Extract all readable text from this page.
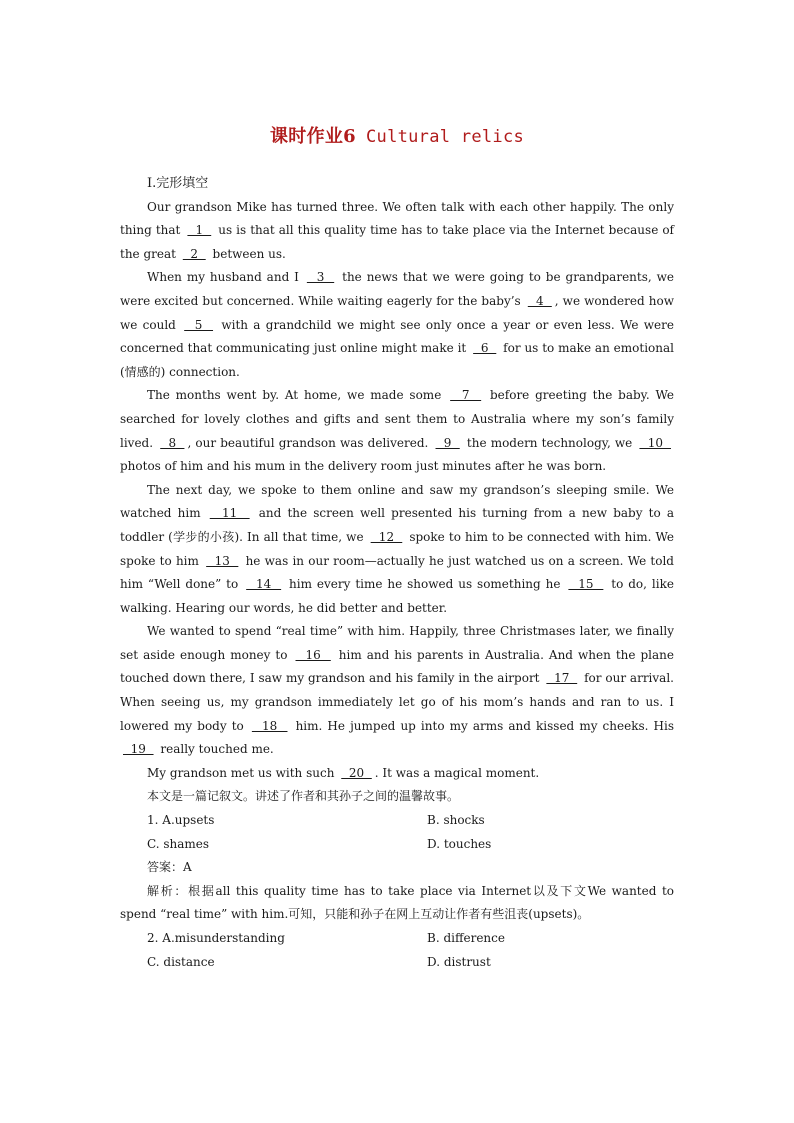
课时作业6 Cultural relics

Ⅰ.完形填空

Our grandson Mike has turned three. We often talk with each other happily. The only thing that   1   us is that all this quality time has to take place via the Internet because of the great   2   between us.

When my husband and I   3   the news that we were going to be grandparents, we were excited but concerned. While waiting eagerly for the baby’s   4  , we wondered how we could   5   with a grandchild we might see only once a year or even less. We were concerned that communicating just online might make it   6   for us to make an emotional (情感的) connection.

The months went by. At home, we made some   7   before greeting the baby. We searched for lovely clothes and gifts and sent them to Australia where my son’s family lived.   8  , our beautiful grandson was delivered.   9   the modern technology, we   10   photos of him and his mum in the delivery room just minutes after he was born.

The next day, we spoke to them online and saw my grandson’s sleeping smile. We watched him   11   and the screen well presented his turning from a new baby to a toddler (学步的小孩). In all that time, we   12   spoke to him to be connected with him. We spoke to him   13   he was in our room—actually he just watched us on a screen. We told him “Well done” to   14   him every time he showed us something he   15   to do, like walking. Hearing our words, he did better and better.

We wanted to spend “real time” with him. Happily, three Christmases later, we finally set aside enough money to   16   him and his parents in Australia. And when the plane touched down there, I saw my grandson and his family in the airport   17   for our arrival. When seeing us, my grandson immediately let go of his mom’s hands and ran to us. I lowered my body to   18   him. He jumped up into my arms and kissed my cheeks. His   19   really touched me.

My grandson met us with such   20  . It was a magical moment.

本文是一篇记叙文。讲述了作者和其孙子之间的温馨故事。

1. A.upsets	B. shocks
C. shames	D. touches

答案：A

解析：根据all this quality time has to take place via Internet以及下文We wanted to spend “real time” with him.可知，只能和孙子在网上互动让作者有些沮丧(upsets)。

2. A.misunderstanding	B. difference
C. distance	D. distrust
